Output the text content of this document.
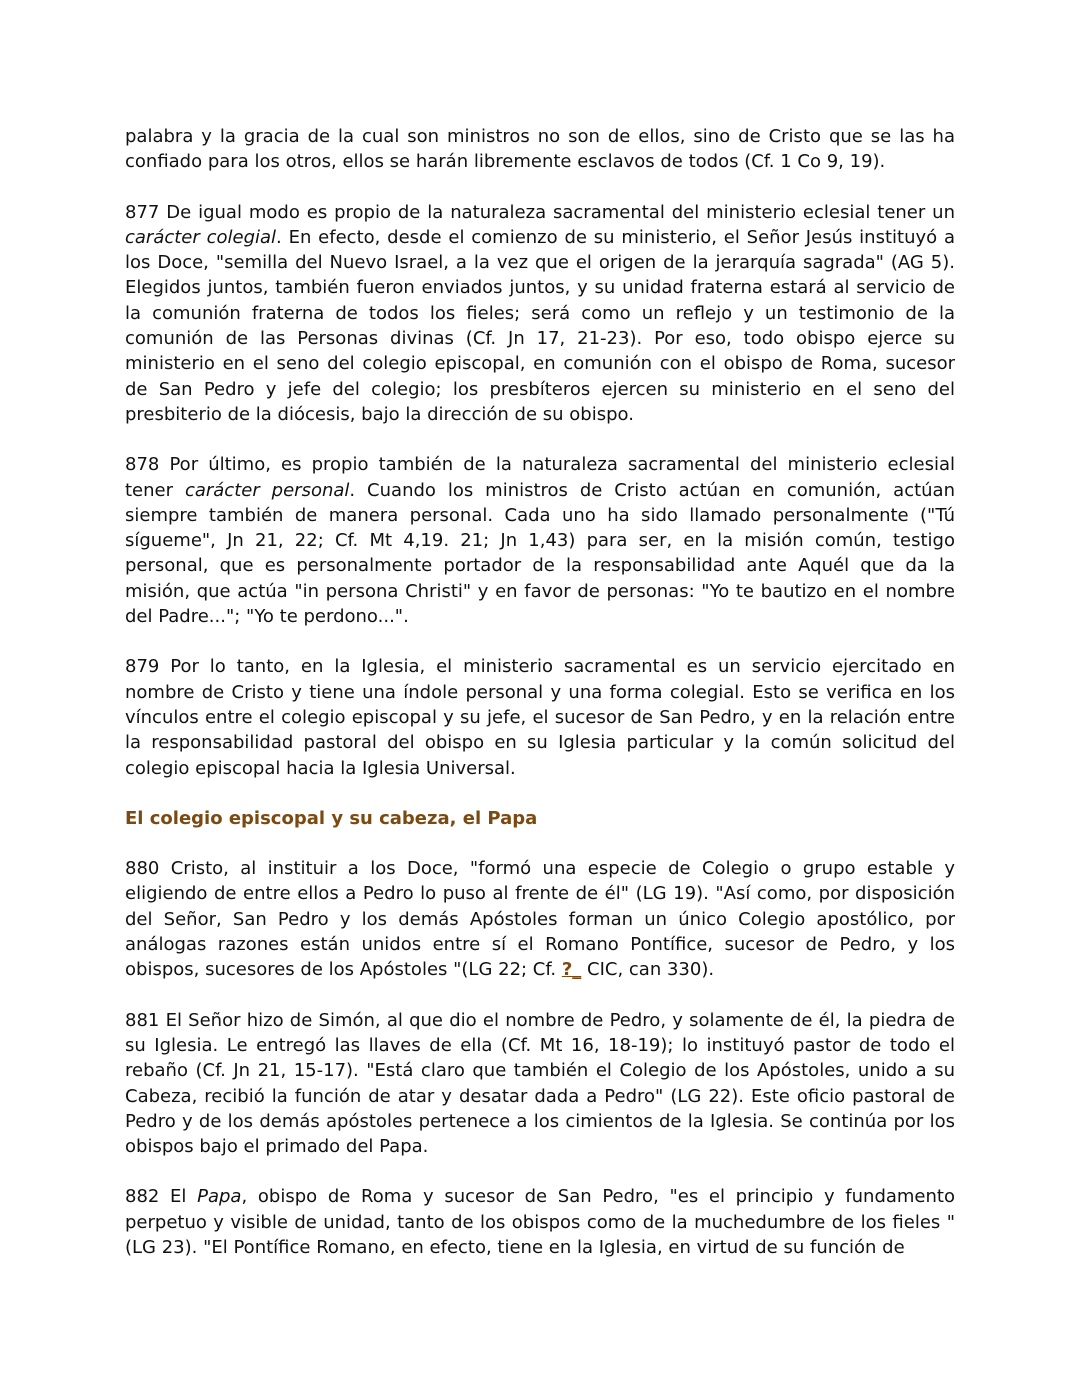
palabra y la gracia de la cual son ministros no son de ellos, sino de Cristo que se las ha confiado para los otros, ellos se harán libremente esclavos de todos (Cf. 1 Co 9, 19).

877 De igual modo es propio de la naturaleza sacramental del ministerio eclesial tener un carácter colegial. En efecto, desde el comienzo de su ministerio, el Señor Jesús instituyó a los Doce, "semilla del Nuevo Israel, a la vez que el origen de la jerarquía sagrada" (AG 5). Elegidos juntos, también fueron enviados juntos, y su unidad fraterna estará al servicio de la comunión fraterna de todos los fieles; será como un reflejo y un testimonio de la comunión de las Personas divinas (Cf. Jn 17, 21-23). Por eso, todo obispo ejerce su ministerio en el seno del colegio episcopal, en comunión con el obispo de Roma, sucesor de San Pedro y jefe del colegio; los presbíteros ejercen su ministerio en el seno del presbiterio de la diócesis, bajo la dirección de su obispo.

878 Por último, es propio también de la naturaleza sacramental del ministerio eclesial tener carácter personal. Cuando los ministros de Cristo actúan en comunión, actúan siempre también de manera personal. Cada uno ha sido llamado personalmente ("Tú sígueme", Jn 21, 22; Cf. Mt 4,19. 21; Jn 1,43) para ser, en la misión común, testigo personal, que es personalmente portador de la responsabilidad ante Aquél que da la misión, que actúa "in persona Christi" y en favor de personas: "Yo te bautizo en el nombre del Padre..."; "Yo te perdono...".

879 Por lo tanto, en la Iglesia, el ministerio sacramental es un servicio ejercitado en nombre de Cristo y tiene una índole personal y una forma colegial. Esto se verifica en los vínculos entre el colegio episcopal y su jefe, el sucesor de San Pedro, y en la relación entre la responsabilidad pastoral del obispo en su Iglesia particular y la común solicitud del colegio episcopal hacia la Iglesia Universal.

El colegio episcopal y su cabeza, el Papa

880 Cristo, al instituir a los Doce, "formó una especie de Colegio o grupo estable y eligiendo de entre ellos a Pedro lo puso al frente de él" (LG 19). "Así como, por disposición del Señor, San Pedro y los demás Apóstoles forman un único Colegio apostólico, por análogas razones están unidos entre sí el Romano Pontífice, sucesor de Pedro, y los obispos, sucesores de los Apóstoles "(LG 22; Cf. ?_ CIC, can 330).

881 El Señor hizo de Simón, al que dio el nombre de Pedro, y solamente de él, la piedra de su Iglesia. Le entregó las llaves de ella (Cf. Mt 16, 18-19); lo instituyó pastor de todo el rebaño (Cf. Jn 21, 15-17). "Está claro que también el Colegio de los Apóstoles, unido a su Cabeza, recibió la función de atar y desatar dada a Pedro" (LG 22). Este oficio pastoral de Pedro y de los demás apóstoles pertenece a los cimientos de la Iglesia. Se continúa por los obispos bajo el primado del Papa.

882 El Papa, obispo de Roma y sucesor de San Pedro, "es el principio y fundamento perpetuo y visible de unidad, tanto de los obispos como de la muchedumbre de los fieles "(LG 23). "El Pontífice Romano, en efecto, tiene en la Iglesia, en virtud de su función de
